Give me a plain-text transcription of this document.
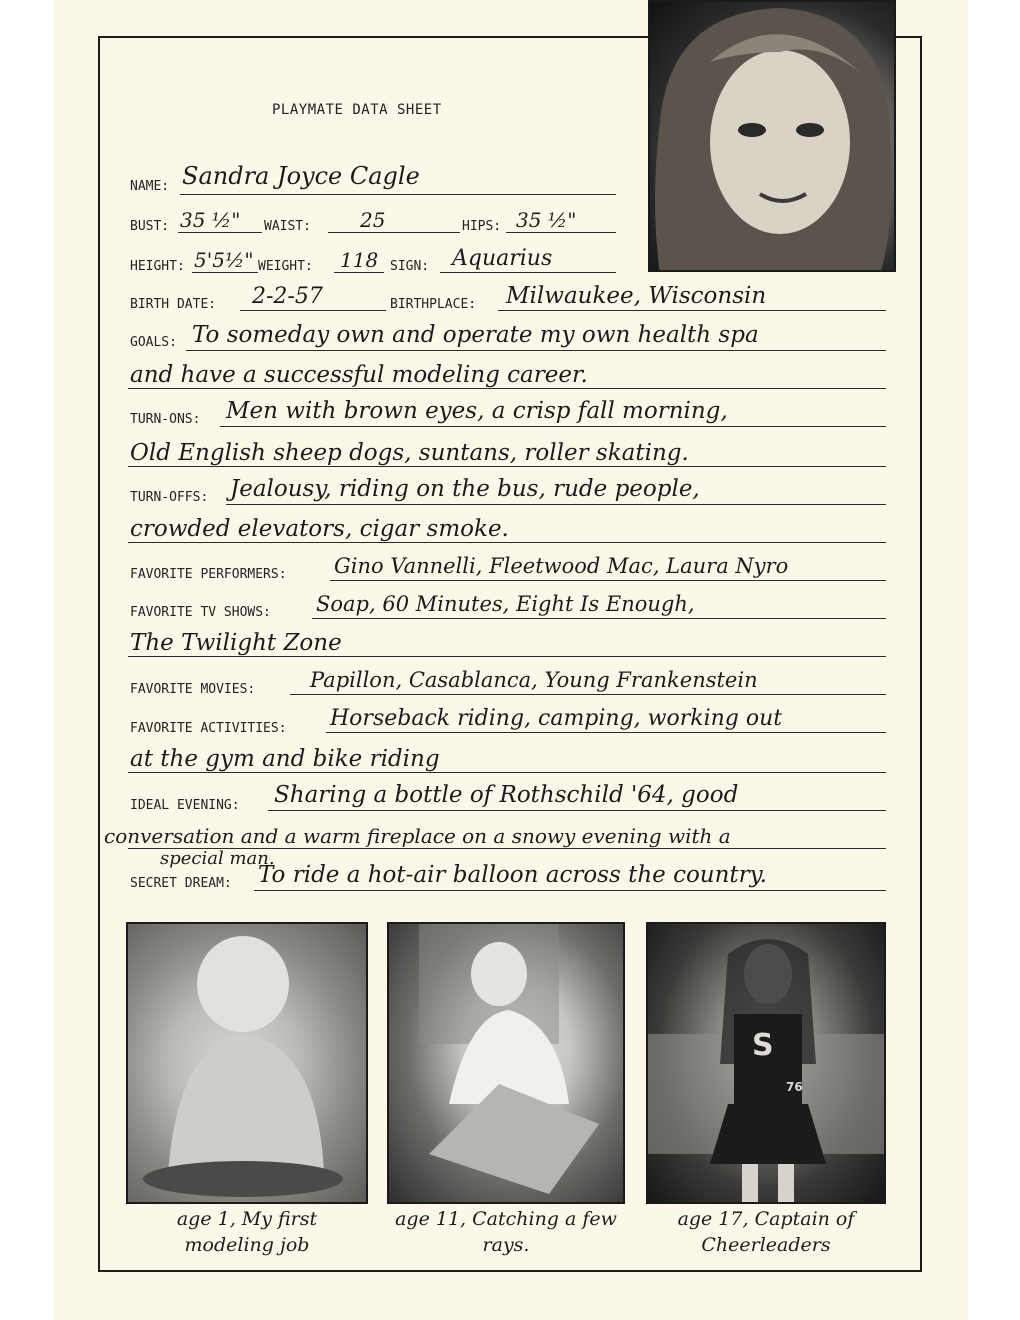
PLAYMATE DATA SHEET
NAME: Sandra Joyce Cagle
BUST: 35 ½" WAIST: 25	HIPS: 35 ½"
HEIGHT: 5'5½" WEIGHT: 118 SIGN: Aquarius
BIRTH DATE: 2-2-57	BIRTHPLACE: Milwaukee, Wisconsin
GOALS: To someday own and operate my own health spa
and have a successful modeling career.
TURN-ONS: Men with brown eyes, a crisp fall morning,
Old English sheep dogs, suntans, roller skating.
TURN-OFFS: Jealousy, riding on the bus, rude people,
crowded elevators, cigar smoke.
FAVORITE PERFORMERS: Gino Vannelli, Fleetwood Mac, Laura Nyro
FAVORITE TV SHOWS: Soap, 60 Minutes, Eight Is Enough,
The Twilight Zone
FAVORITE MOVIES:	Papillon, Casablanca, Young Frankenstein
FAVORITE ACTIVITIES: Horseback riding, camping, working out
at the gym and bike riding
IDEAL EVENING: Sharing a bottle of Rothschild '64, good
conversation and a warm fireplace on a snowy evening with a
special man.
SECRET DREAM: To ride a hot-air balloon across the country.
S
76
age 1, My first
modeling job
age 11, Catching a few
rays.
age 17, Captain of
Cheerleaders
